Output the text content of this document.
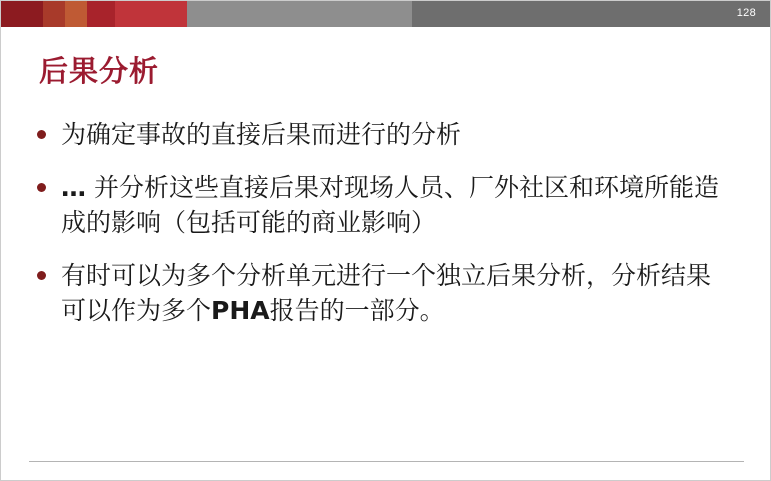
128
后果分析
为确定事故的直接后果而进行的分析
… 并分析这些直接后果对现场人员、厂外社区和环境所能造成的影响（包括可能的商业影响）
有时可以为多个分析单元进行一个独立后果分析，分析结果可以作为多个PHA报告的一部分。
